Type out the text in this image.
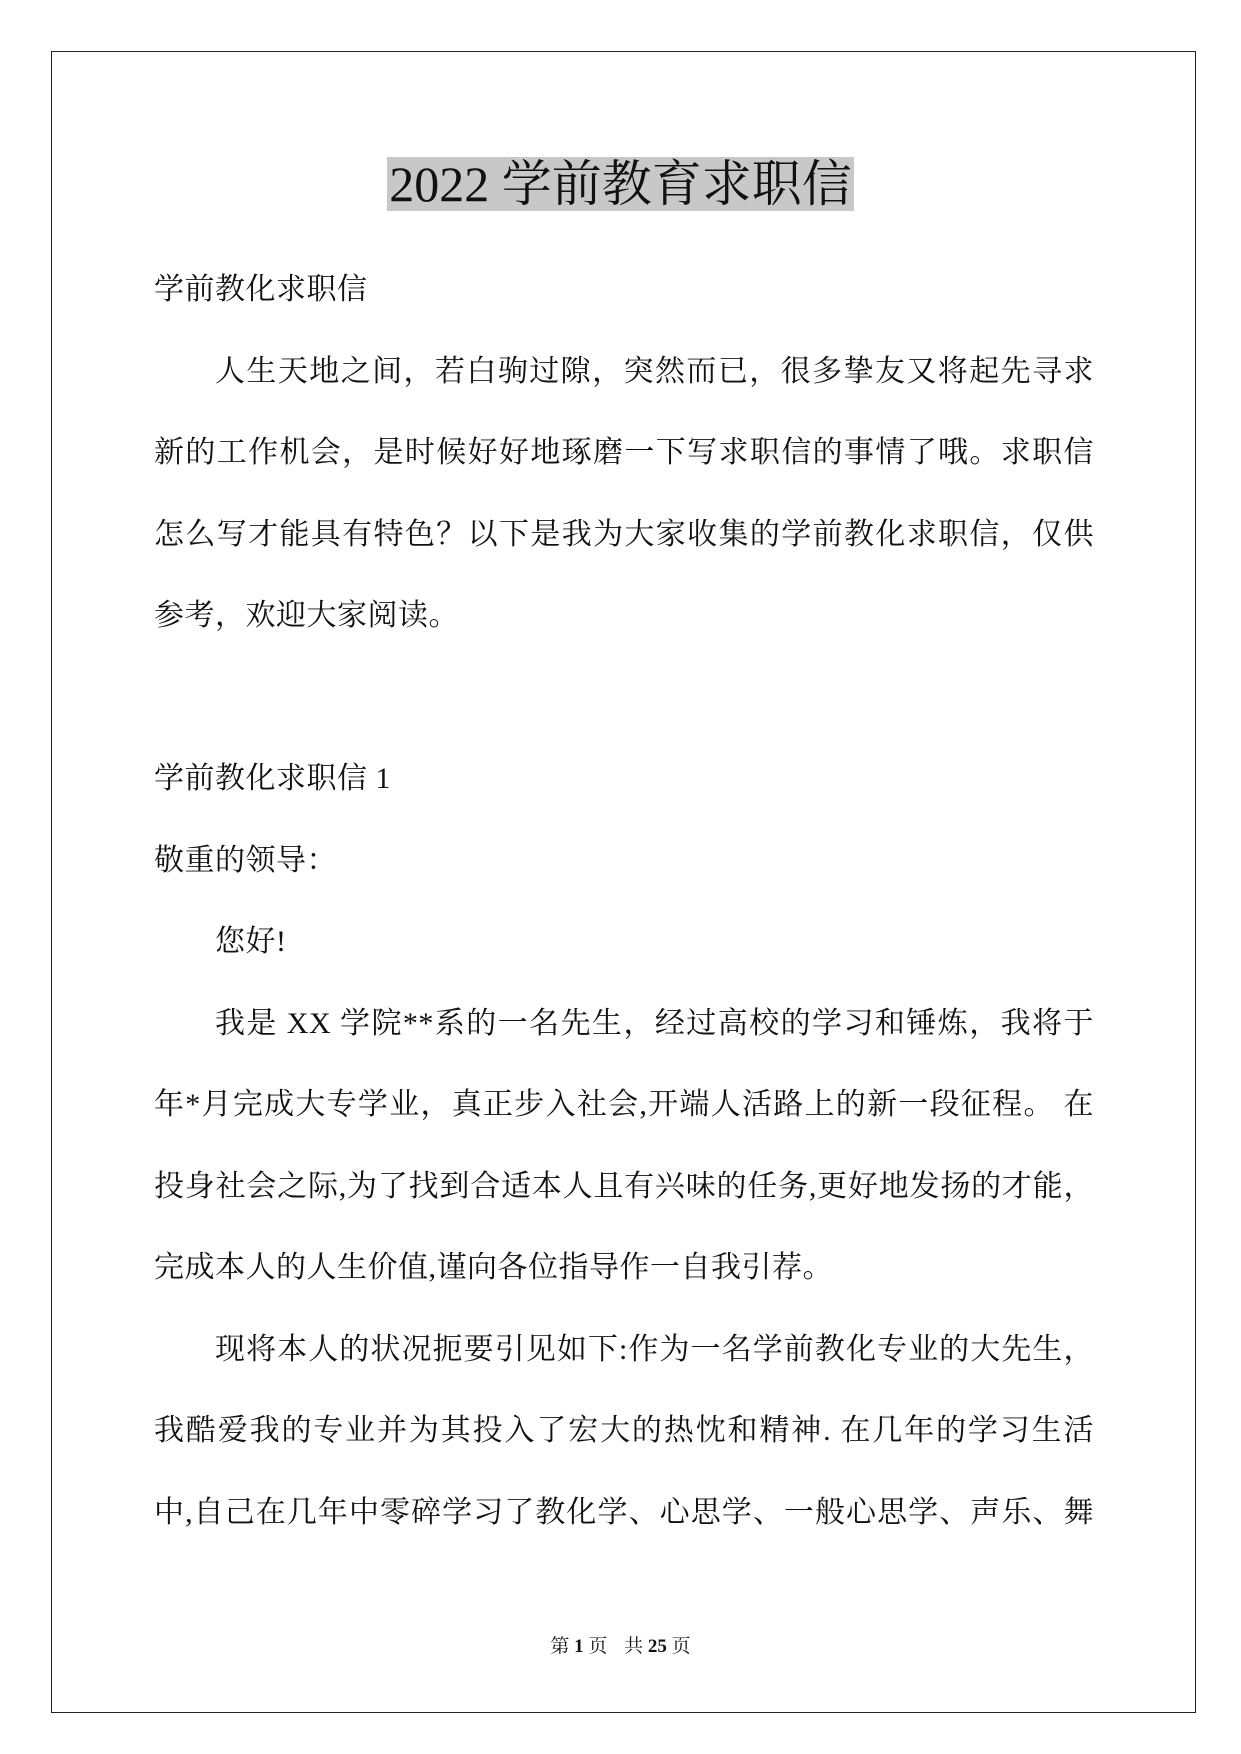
2022 学前教育求职信
学前教化求职信
人生天地之间，若白驹过隙，突然而已，很多挚友又将起先寻求
新的工作机会，是时候好好地琢磨一下写求职信的事情了哦。求职信
怎么写才能具有特色？以下是我为大家收集的学前教化求职信，仅供
参考，欢迎大家阅读。
学前教化求职信 1
敬重的领导：
您好!
我是 XX 学院**系的一名先生，经过高校的学习和锤炼，我将于
年*月完成大专学业，真正步入社会,开端人活路上的新一段征程。 在
投身社会之际,为了找到合适本人且有兴味的任务,更好地发扬的才能，
完成本人的人生价值,谨向各位指导作一自我引荐。
现将本人的状况扼要引见如下:作为一名学前教化专业的大先生，
我酷爱我的专业并为其投入了宏大的热忱和精神. 在几年的学习生活
中,自己在几年中零碎学习了教化学、心思学、一般心思学、声乐、舞
第 1 页 共 25 页
